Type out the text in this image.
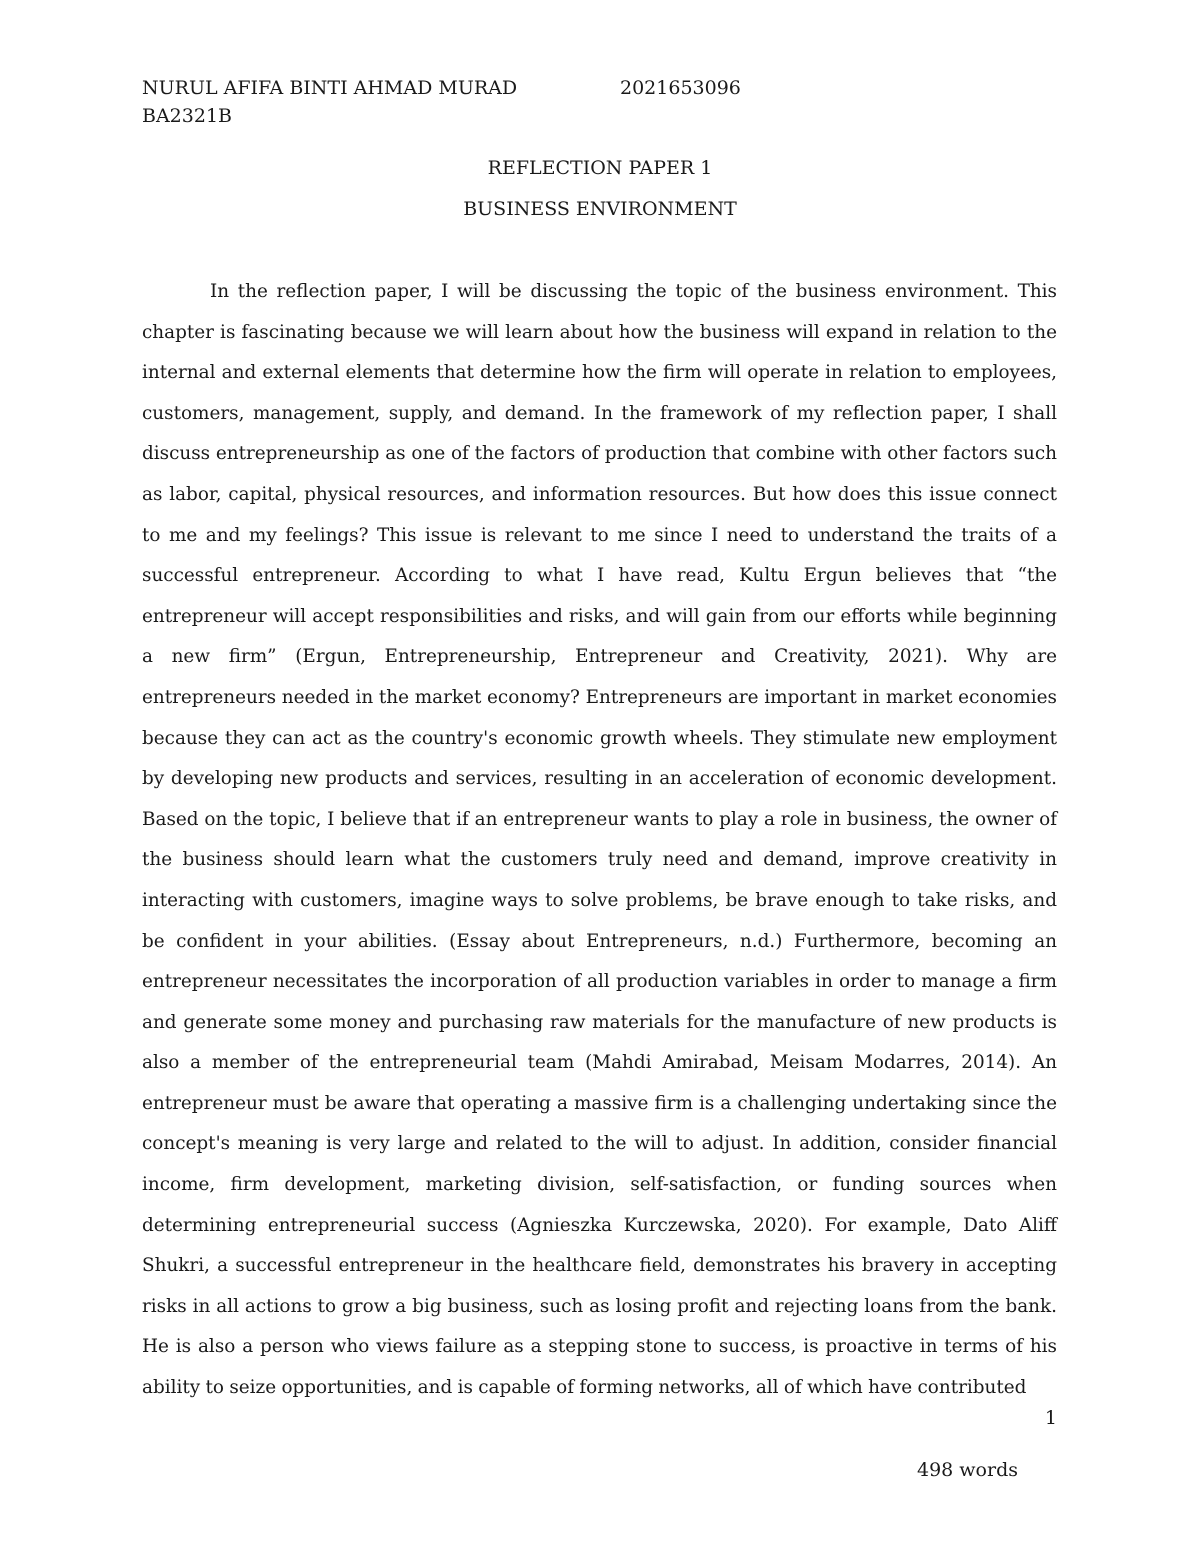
NURUL AFIFA BINTI AHMAD MURAD	2021653096
BA2321B
REFLECTION PAPER 1
BUSINESS ENVIRONMENT

In the reflection paper, I will be discussing the topic of the business environment. This chapter is fascinating because we will learn about how the business will expand in relation to the internal and external elements that determine how the firm will operate in relation to employees, customers, management, supply, and demand. In the framework of my reflection paper, I shall discuss entrepreneurship as one of the factors of production that combine with other factors such as labor, capital, physical resources, and information resources. But how does this issue connect to me and my feelings? This issue is relevant to me since I need to understand the traits of a successful entrepreneur. According to what I have read, Kultu Ergun believes that “the entrepreneur will accept responsibilities and risks, and will gain from our efforts while beginning a new firm” (Ergun, Entrepreneurship, Entrepreneur and Creativity, 2021). Why are entrepreneurs needed in the market economy? Entrepreneurs are important in market economies because they can act as the country's economic growth wheels. They stimulate new employment by developing new products and services, resulting in an acceleration of economic development. Based on the topic, I believe that if an entrepreneur wants to play a role in business, the owner of the business should learn what the customers truly need and demand, improve creativity in interacting with customers, imagine ways to solve problems, be brave enough to take risks, and be confident in your abilities. (Essay about Entrepreneurs, n.d.) Furthermore, becoming an entrepreneur necessitates the incorporation of all production variables in order to manage a firm and generate some money and purchasing raw materials for the manufacture of new products is also a member of the entrepreneurial team (Mahdi Amirabad, Meisam Modarres, 2014). An entrepreneur must be aware that operating a massive firm is a challenging undertaking since the concept's meaning is very large and related to the will to adjust. In addition, consider financial income, firm development, marketing division, self-satisfaction, or funding sources when determining entrepreneurial success (Agnieszka Kurczewska, 2020). For example, Dato Aliff Shukri, a successful entrepreneur in the healthcare field, demonstrates his bravery in accepting risks in all actions to grow a big business, such as losing profit and rejecting loans from the bank. He is also a person who views failure as a stepping stone to success, is proactive in terms of his ability to seize opportunities, and is capable of forming networks, all of which have contributed

1
498 words
